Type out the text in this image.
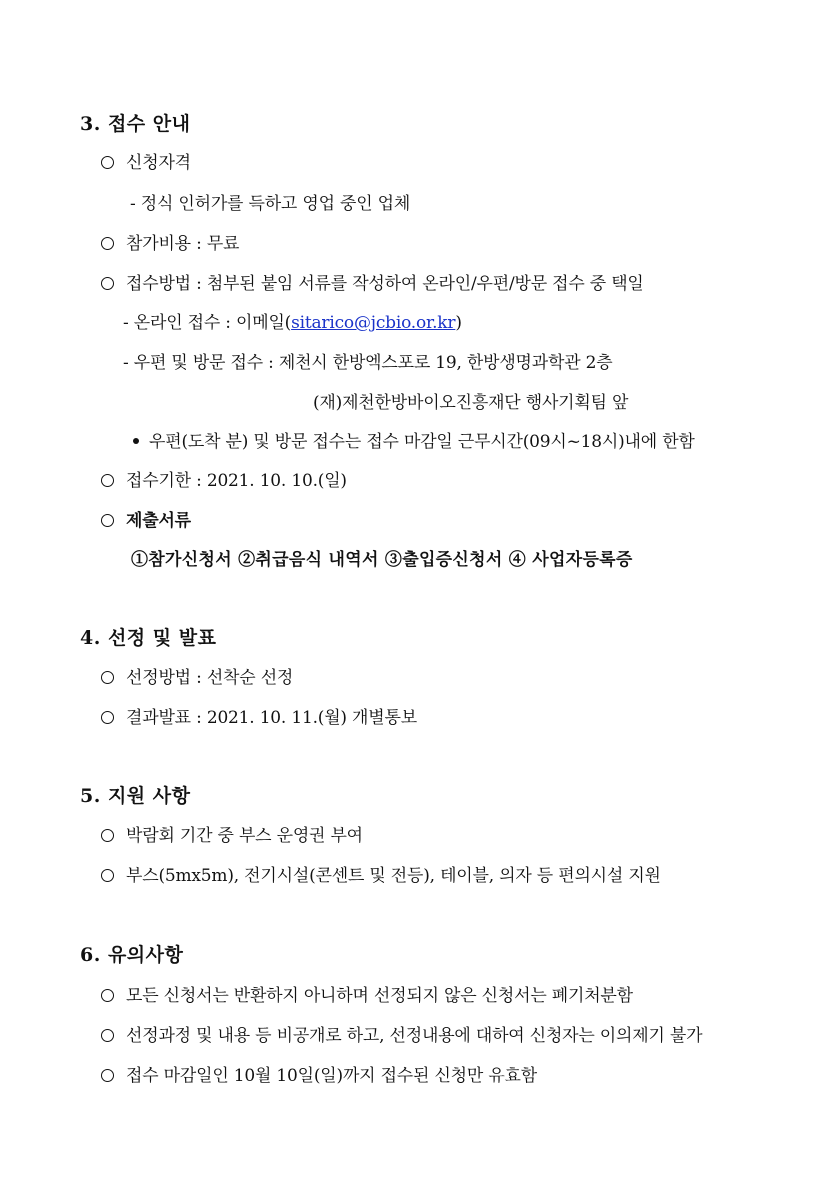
3. 접수 안내
신청자격
- 정식 인허가를 득하고 영업 중인 업체
참가비용 : 무료
접수방법 : 첨부된 붙임 서류를 작성하여 온라인/우편/방문 접수 중 택일
- 온라인 접수 : 이메일(sitarico@jcbio.or.kr)
- 우편 및 방문 접수 : 제천시 한방엑스포로 19, 한방생명과학관 2층
(재)제천한방바이오진흥재단 행사기획팀 앞
우편(도착 분) 및 방문 접수는 접수 마감일 근무시간(09시~18시)내에 한함
접수기한 : 2021. 10. 10.(일)
제출서류
①참가신청서 ②취급음식 내역서 ③출입증신청서 ④ 사업자등록증
4. 선정 및 발표
선정방법 : 선착순 선정
결과발표 : 2021. 10. 11.(월) 개별통보
5. 지원 사항
박람회 기간 중 부스 운영권 부여
부스(5mx5m), 전기시설(콘센트 및 전등), 테이블, 의자 등 편의시설 지원
6. 유의사항
모든 신청서는 반환하지 아니하며 선정되지 않은 신청서는 폐기처분함
선정과정 및 내용 등 비공개로 하고, 선정내용에 대하여 신청자는 이의제기 불가
접수 마감일인 10월 10일(일)까지 접수된 신청만 유효함
